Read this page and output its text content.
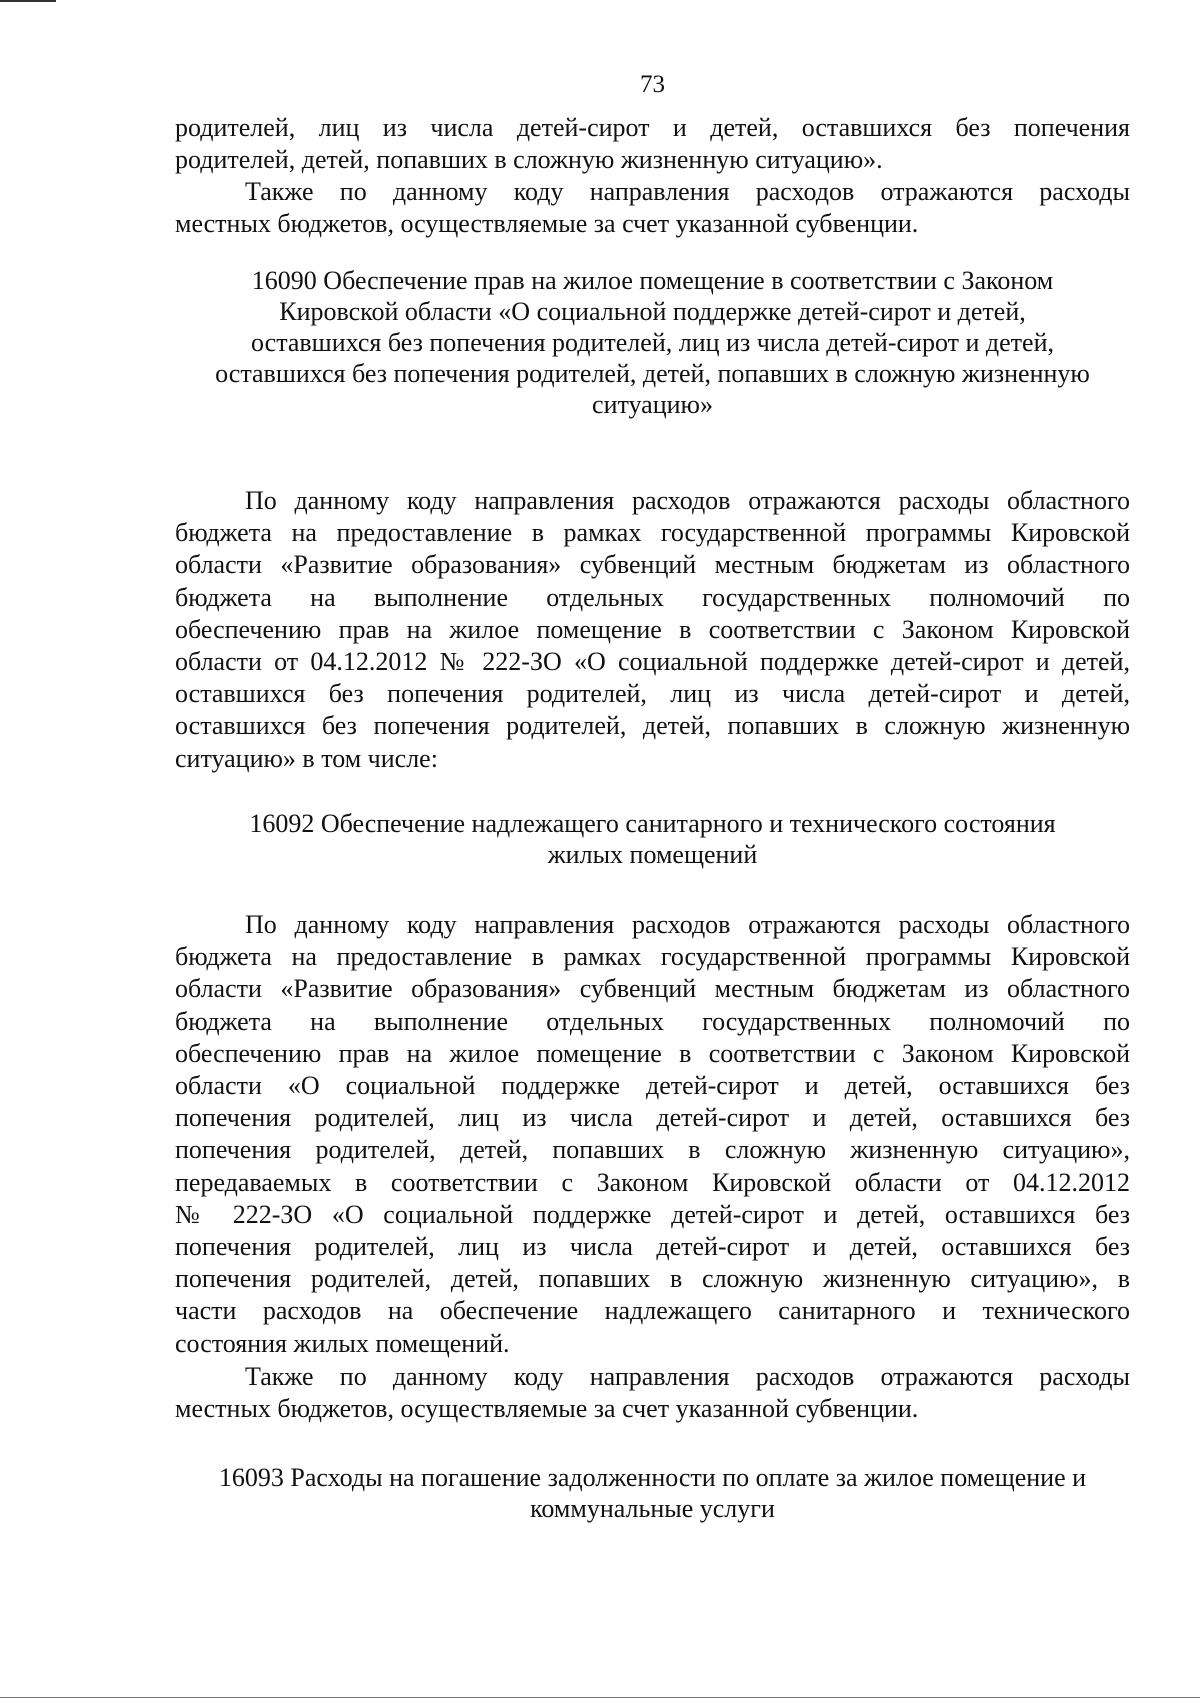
73
родителей, лиц из числа детей-сирот и детей, оставшихся без попечения
родителей, детей, попавших в сложную жизненную ситуацию».
Также по данному коду направления расходов отражаются расходы
местных бюджетов, осуществляемые за счет указанной субвенции.
16090 Обеспечение прав на жилое помещение в соответствии с Законом
Кировской области «О социальной поддержке детей-сирот и детей,
оставшихся без попечения родителей, лиц из числа детей-сирот и детей,
оставшихся без попечения родителей, детей, попавших в сложную жизненную
ситуацию»
По данному коду направления расходов отражаются расходы областного
бюджета на предоставление в рамках государственной программы Кировской
области «Развитие образования» субвенций местным бюджетам из областного
бюджета на выполнение отдельных государственных полномочий по
обеспечению прав на жилое помещение в соответствии с Законом Кировской
области от 04.12.2012 № 222-ЗО «О социальной поддержке детей-сирот и детей,
оставшихся без попечения родителей, лиц из числа детей-сирот и детей,
оставшихся без попечения родителей, детей, попавших в сложную жизненную
ситуацию» в том числе:
16092 Обеспечение надлежащего санитарного и технического состояния
жилых помещений
По данному коду направления расходов отражаются расходы областного
бюджета на предоставление в рамках государственной программы Кировской
области «Развитие образования» субвенций местным бюджетам из областного
бюджета на выполнение отдельных государственных полномочий по
обеспечению прав на жилое помещение в соответствии с Законом Кировской
области «О социальной поддержке детей-сирот и детей, оставшихся без
попечения родителей, лиц из числа детей-сирот и детей, оставшихся без
попечения родителей, детей, попавших в сложную жизненную ситуацию»,
передаваемых в соответствии с Законом Кировской области от 04.12.2012
№ 222-ЗО «О социальной поддержке детей-сирот и детей, оставшихся без
попечения родителей, лиц из числа детей-сирот и детей, оставшихся без
попечения родителей, детей, попавших в сложную жизненную ситуацию», в
части расходов на обеспечение надлежащего санитарного и технического
состояния жилых помещений.
Также по данному коду направления расходов отражаются расходы
местных бюджетов, осуществляемые за счет указанной субвенции.
16093 Расходы на погашение задолженности по оплате за жилое помещение и
коммунальные услуги
